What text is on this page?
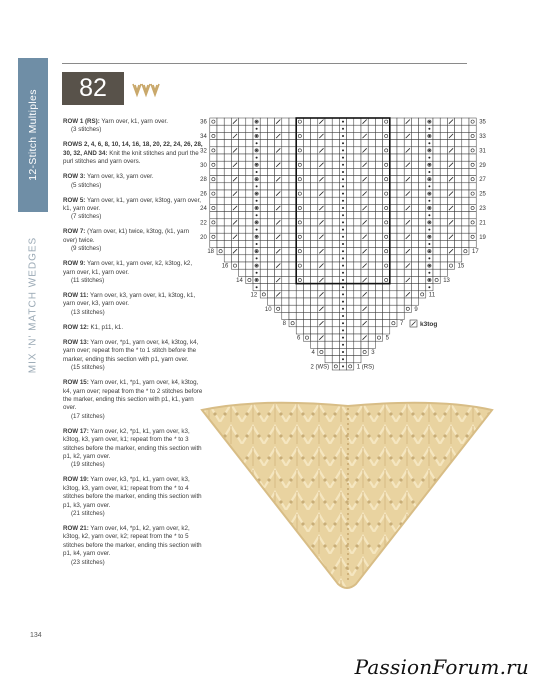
12-Stitch Multiples
MIX 'N' MATCH WEDGES
82

ROW 1 (RS): Yarn over, k1, yarn over.
(3 stitches)

ROWS 2, 4, 6, 8, 10, 14, 16, 18, 20, 22, 24, 26, 28, 30, 32, AND 34: Knit the knit stitches and purl the purl stitches and yarn overs.

ROW 3: Yarn over, k3, yarn over.
(5 stitches)

ROW 5: Yarn over, k1, yarn over, k3tog, yarn over, k1, yarn over.
(7 stitches)

ROW 7: (Yarn over, k1) twice, k3tog, (k1, yarn over) twice.
(9 stitches)

ROW 9: Yarn over, k1, yarn over, k2, k3tog, k2, yarn over, k1, yarn over.
(11 stitches)

ROW 11: Yarn over, k3, yarn over, k1, k3tog, k1, yarn over, k3, yarn over.
(13 stitches)

ROW 12: K1, p11, k1.

ROW 13: Yarn over, *p1, yarn over, k4, k3tog, k4, yarn over; repeat from the * to 1 stitch before the marker, ending this section with p1, yarn over.
(15 stitches)

ROW 15: Yarn over, k1, *p1, yarn over, k4, k3tog, k4, yarn over; repeat from the * to 2 stitches before the marker, ending this section with p1, k1, yarn over.
(17 stitches)

ROW 17: Yarn over, k2, *p1, k1, yarn over, k3, k3tog, k3, yarn over, k1; repeat from the * to 3 stitches before the marker, ending this section with p1, k2, yarn over.
(19 stitches)

ROW 19: Yarn over, k3, *p1, k1, yarn over, k3, k3tog, k3, yarn over, k1; repeat from the * to 4 stitches before the marker, ending this section with p1, k3, yarn over.
(21 stitches)

ROW 21: Yarn over, k4, *p1, k2, yarn over, k2, k3tog, k2, yarn over, k2; repeat from the * to 5 stitches before the marker, ending this section with p1, k4, yarn over.
(23 stitches)

36
34
32
30
28
26
24
22
20
18
16
14
12
10
8
6
4
2 (WS)
35
33
31
29
27
25
23
21
19
17
15
13
11
9
7
5
3
1 (RS)
k3tog
134
PassionForum.ru
